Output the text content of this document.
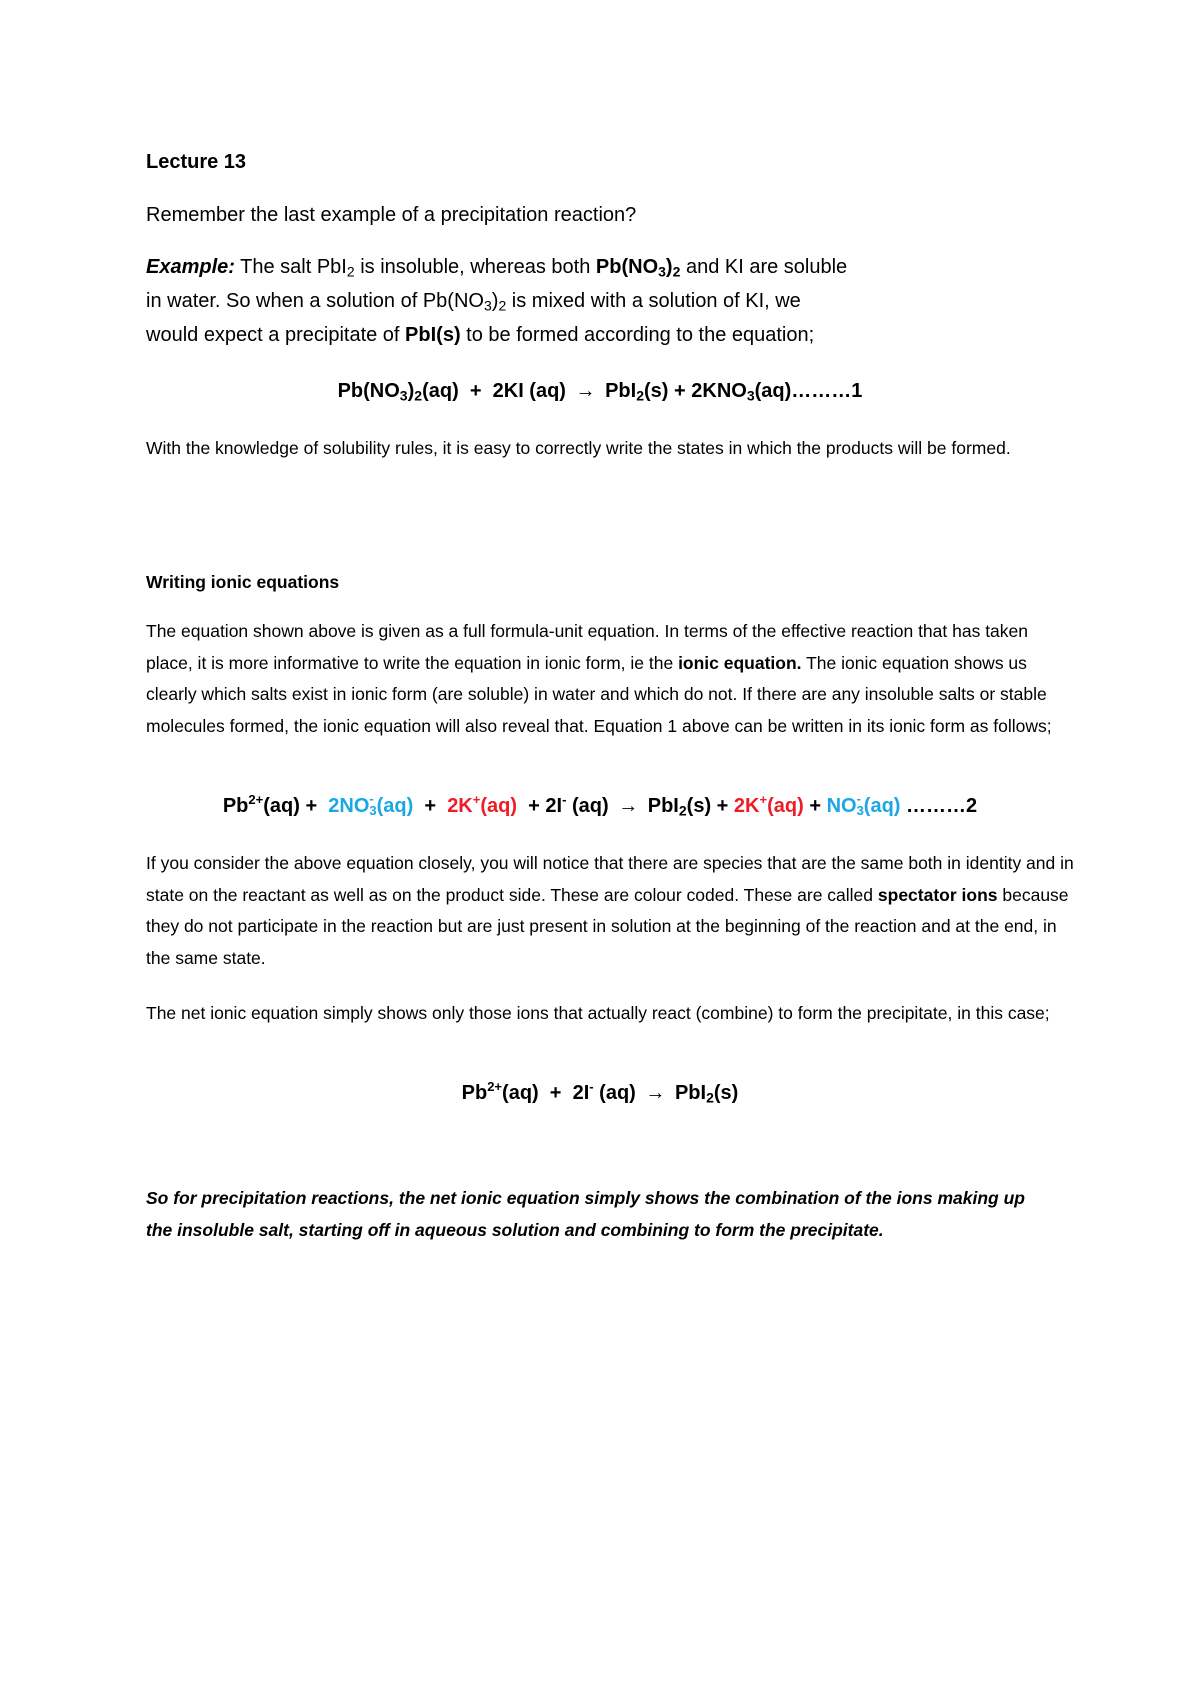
Lecture 13
Remember the last example of a precipitation reaction?
Example: The salt PbI$_2$ is insoluble, whereas both $Pb(NO_3)_2$ and KI are soluble
in water. So when a solution of $Pb(NO_3)_2$ is mixed with a solution of KI, we
would expect a precipitate of PbI(s) to be formed according to the equation;
$Pb(NO_3)_2(aq) + 2KI$ $(aq) \to PbI_2(s) + 2KNO_3(aq)\dots\dots\dots 1$
With the knowledge of solubility rules, it is easy to correctly write the states in which the products will be formed.
Writing ionic equations
The equation shown above is given as a full formula-unit equation. In terms of the effective reaction that has taken place, it is more informative to write the equation in ionic form, ie the ionic equation. The ionic equation shows us clearly which salts exist in ionic form (are soluble) in water and which do not. If there are any insoluble salts or stable molecules formed, the ionic equation will also reveal that. Equation 1 above can be written in its ionic form as follows;
$Pb^{2+}(aq) + 2NO$ -
3(aq)  +  2K+(aq)  + 2I- (aq) → PbI$_2$(s) + 2K+(aq) + NO -
3(aq) ………2
If you consider the above equation closely, you will notice that there are species that are the same both in identity and in state on the reactant as well as on the product side. These are colour coded. These are called spectator ions because they do not participate in the reaction but are just present in solution at the beginning of the reaction and at the end, in the same state.
The net ionic equation simply shows only those ions that actually react (combine) to form the precipitate, in this case;
$Pb^{2+}(aq) + 2I^-$ (aq) → PbI$_2$(s)
So for precipitation reactions, the net ionic equation simply shows the combination of the ions making up the insoluble salt, starting off in aqueous solution and combining to form the precipitate.
